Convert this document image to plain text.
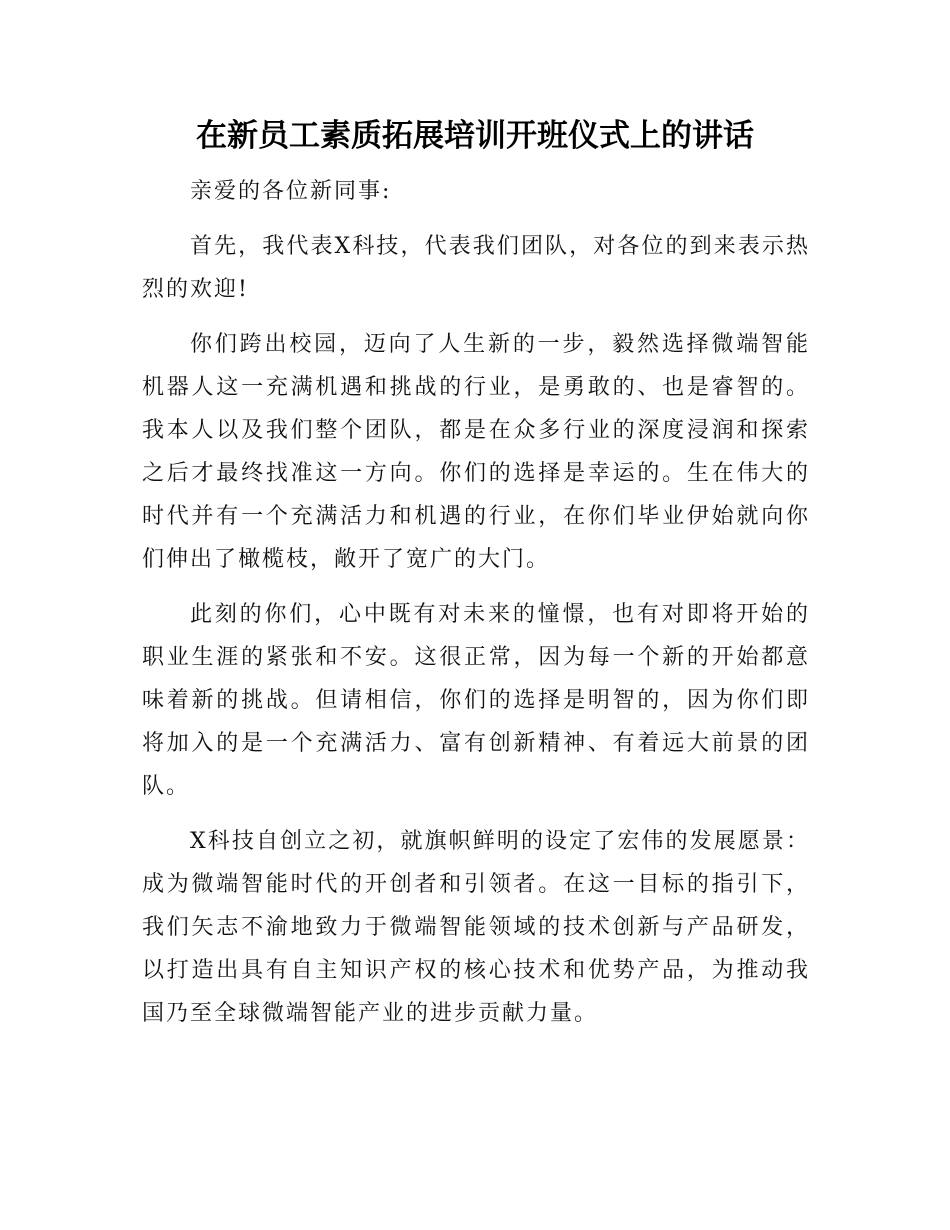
在新员工素质拓展培训开班仪式上的讲话

亲爱的各位新同事:

首先，我代表X科技，代表我们团队，对各位的到来表示热烈的欢迎!

你们跨出校园，迈向了人生新的一步，毅然选择微端智能机器人这一充满机遇和挑战的行业，是勇敢的、也是睿智的。我本人以及我们整个团队，都是在众多行业的深度浸润和探索之后才最终找准这一方向。你们的选择是幸运的。生在伟大的时代并有一个充满活力和机遇的行业，在你们毕业伊始就向你们伸出了橄榄枝，敞开了宽广的大门。

此刻的你们，心中既有对未来的憧憬，也有对即将开始的职业生涯的紧张和不安。这很正常，因为每一个新的开始都意味着新的挑战。但请相信，你们的选择是明智的，因为你们即将加入的是一个充满活力、富有创新精神、有着远大前景的团队。

X科技自创立之初，就旗帜鲜明的设定了宏伟的发展愿景：成为微端智能时代的开创者和引领者。在这一目标的指引下，我们矢志不渝地致力于微端智能领域的技术创新与产品研发，以打造出具有自主知识产权的核心技术和优势产品，为推动我国乃至全球微端智能产业的进步贡献力量。
